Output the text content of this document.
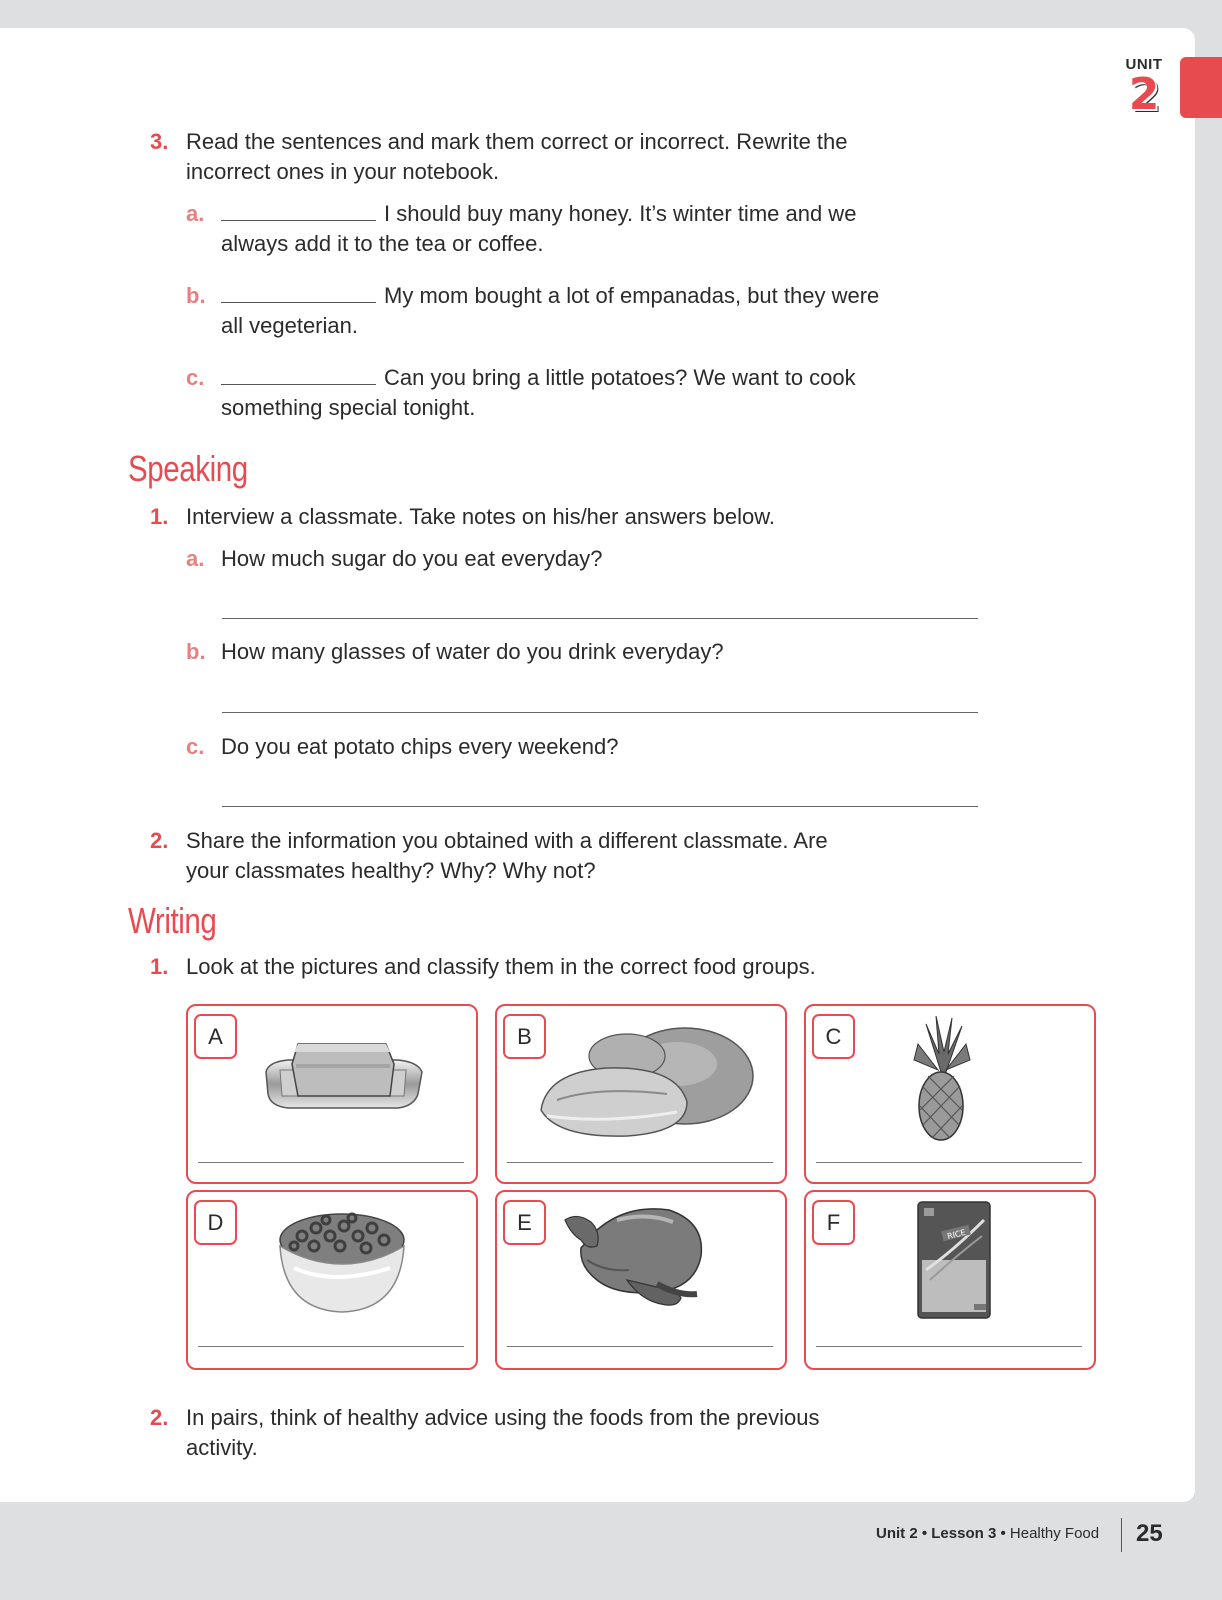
UNIT
2
3. Read the sentences and mark them correct or incorrect. Rewrite the
incorrect ones in your notebook.
a.	I should buy many honey. It’s winter time and we
always add it to the tea or coffee.
b.	My mom bought a lot of empanadas, but they were
all vegeterian.
c.	Can you bring a little potatoes? We want to cook
something special tonight.
Speaking
1. Interview a classmate. Take notes on his/her answers below.
a. How much sugar do you eat everyday?
b. How many glasses of water do you drink everyday?
c. Do you eat potato chips every weekend?
2. Share the information you obtained with a different classmate. Are
your classmates healthy? Why? Why not?
Writing
1. Look at the pictures and classify them in the correct food groups.
A	B	C
D	E	F	RICE
2. In pairs, think of healthy advice using the foods from the previous
activity.
Unit 2 • Lesson 3 • Healthy Food 25
